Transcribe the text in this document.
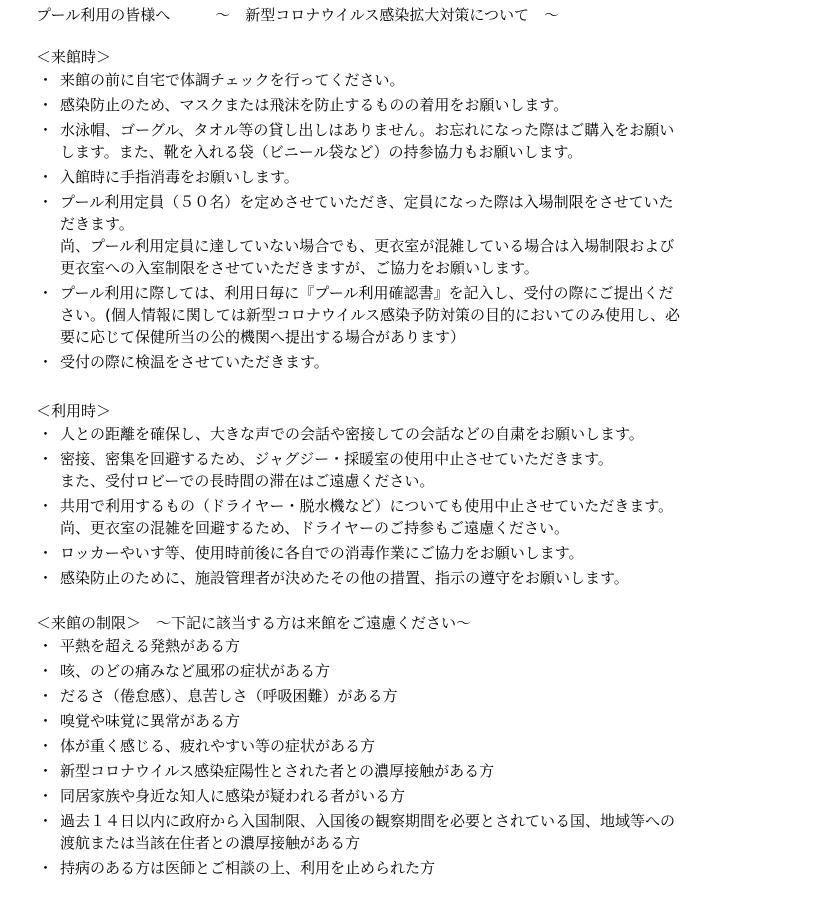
プール利用の皆様へ　　　～　新型コロナウイルス感染拡大対策について　～
＜来館時＞
・ 来館の前に自宅で体調チェックを行ってください。
・ 感染防止のため、マスクまたは飛沫を防止するものの着用をお願いします。
・ 水泳帽、ゴーグル、タオル等の貸し出しはありません。お忘れになった際はご購入をお願い
します。また、靴を入れる袋（ビニール袋など）の持参協力もお願いします。
・ 入館時に手指消毒をお願いします。
・ プール利用定員（５０名）を定めさせていただき、定員になった際は入場制限をさせていた
だきます。
尚、プール利用定員に達していない場合でも、更衣室が混雑している場合は入場制限および
更衣室への入室制限をさせていただきますが、ご協力をお願いします。
・ プール利用に際しては、利用日毎に『プール利用確認書』を記入し、受付の際にご提出くだ
さい。(個人情報に関しては新型コロナウイルス感染予防対策の目的においてのみ使用し、必
要に応じて保健所当の公的機関へ提出する場合があります）
・ 受付の際に検温をさせていただきます。
＜利用時＞
・ 人との距離を確保し、大きな声での会話や密接しての会話などの自粛をお願いします。
・ 密接、密集を回避するため、ジャグジー・採暖室の使用中止させていただきます。
また、受付ロビーでの長時間の滞在はご遠慮ください。
・ 共用で利用するもの（ドライヤー・脱水機など）についても使用中止させていただきます。
尚、更衣室の混雑を回避するため、ドライヤーのご持参もご遠慮ください。
・ ロッカーやいす等、使用時前後に各自での消毒作業にご協力をお願いします。
・ 感染防止のために、施設管理者が決めたその他の措置、指示の遵守をお願いします。
＜来館の制限＞　～下記に該当する方は来館をご遠慮ください～
・ 平熱を超える発熱がある方
・ 咳、のどの痛みなど風邪の症状がある方
・ だるさ（倦怠感）、息苦しさ（呼吸困難）がある方
・ 嗅覚や味覚に異常がある方
・ 体が重く感じる、疲れやすい等の症状がある方
・ 新型コロナウイルス感染症陽性とされた者との濃厚接触がある方
・ 同居家族や身近な知人に感染が疑われる者がいる方
・ 過去１４日以内に政府から入国制限、入国後の観察期間を必要とされている国、地域等への
渡航または当該在住者との濃厚接触がある方
・ 持病のある方は医師とご相談の上、利用を止められた方
